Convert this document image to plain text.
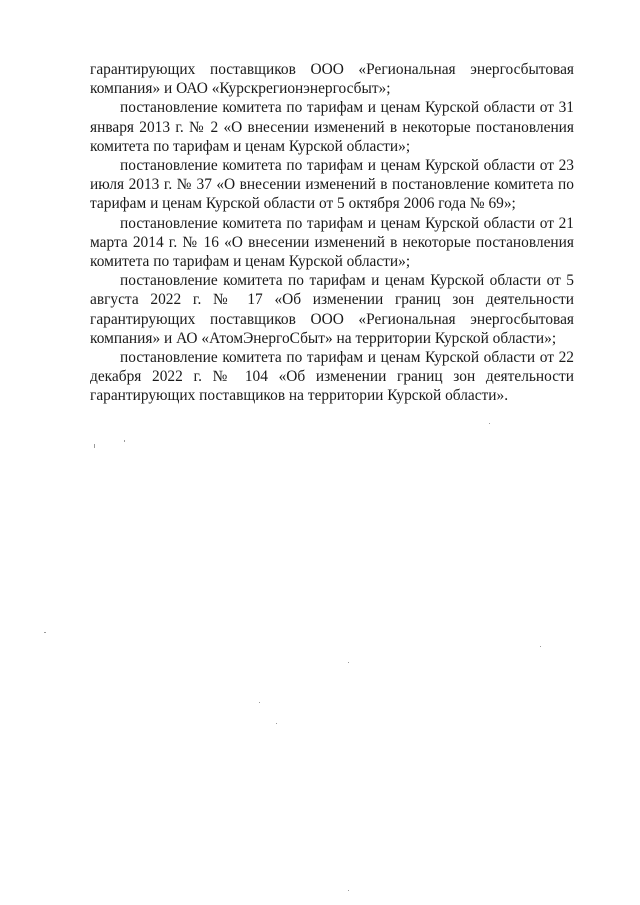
гарантирующих поставщиков ООО «Региональная энергосбытовая компания» и ОАО «Курскрегионэнергосбыт»;

постановление комитета по тарифам и ценам Курской области от 31 января 2013 г. № 2 «О внесении изменений в некоторые постановления комитета по тарифам и ценам Курской области»;

постановление комитета по тарифам и ценам Курской области от 23 июля 2013 г. № 37 «О внесении изменений в постановление комитета по тарифам и ценам Курской области от 5 октября 2006 года № 69»;

постановление комитета по тарифам и ценам Курской области от 21 марта 2014 г. № 16 «О внесении изменений в некоторые постановления комитета по тарифам и ценам Курской области»;

постановление комитета по тарифам и ценам Курской области от 5 августа 2022 г. № 17 «Об изменении границ зон деятельности гарантирующих поставщиков ООО «Региональная энергосбытовая компания» и АО «АтомЭнергоСбыт» на территории Курской области»;

постановление комитета по тарифам и ценам Курской области от 22 декабря 2022 г. № 104 «Об изменении границ зон деятельности гарантирующих поставщиков на территории Курской области».
